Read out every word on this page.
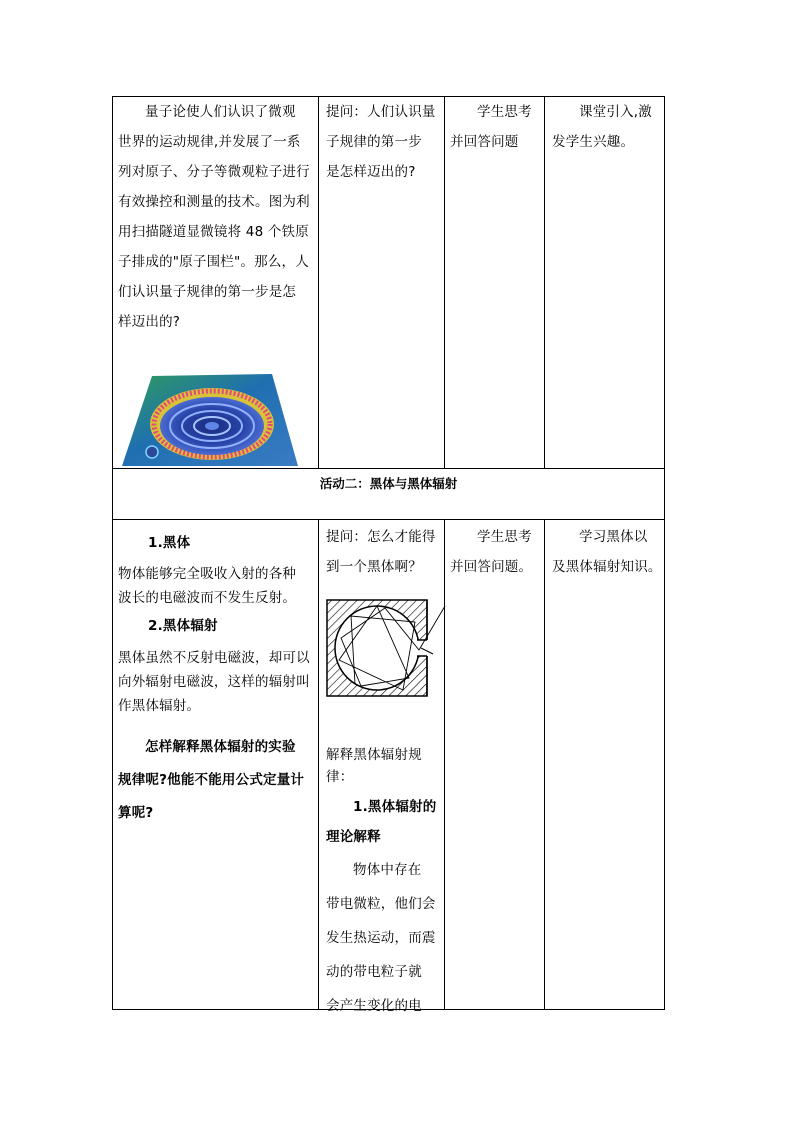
量子论使人们认识了微观

世界的运动规律,并发展了一系

列对原子、分子等微观粒子进行

有效操控和测量的技术。图为利

用扫描隧道显微镜将 48 个铁原

子排成的"原子围栏"。那么，人

们认识量子规律的第一步是怎

样迈出的?

提问：人们认识量

子规律的第一步

是怎样迈出的?

学生思考

并回答问题

课堂引入,激

发学生兴趣。

活动二：黑体与黑体辐射
1.黑体

物体能够完全吸收入射的各种

波长的电磁波而不发生反射。

2.黑体辐射

黑体虽然不反射电磁波，却可以

向外辐射电磁波，这样的辐射叫

作黑体辐射。

怎样解释黑体辐射的实验

规律呢?他能不能用公式定量计

算呢?

提问：怎么才能得

到一个黑体啊？

解释黑体辐射规

律：

1.黑体辐射的

理论解释

物体中存在

带电微粒，他们会

发生热运动，而震

动的带电粒子就

会产生变化的电

学生思考

并回答问题。

学习黑体以

及黑体辐射知识。
